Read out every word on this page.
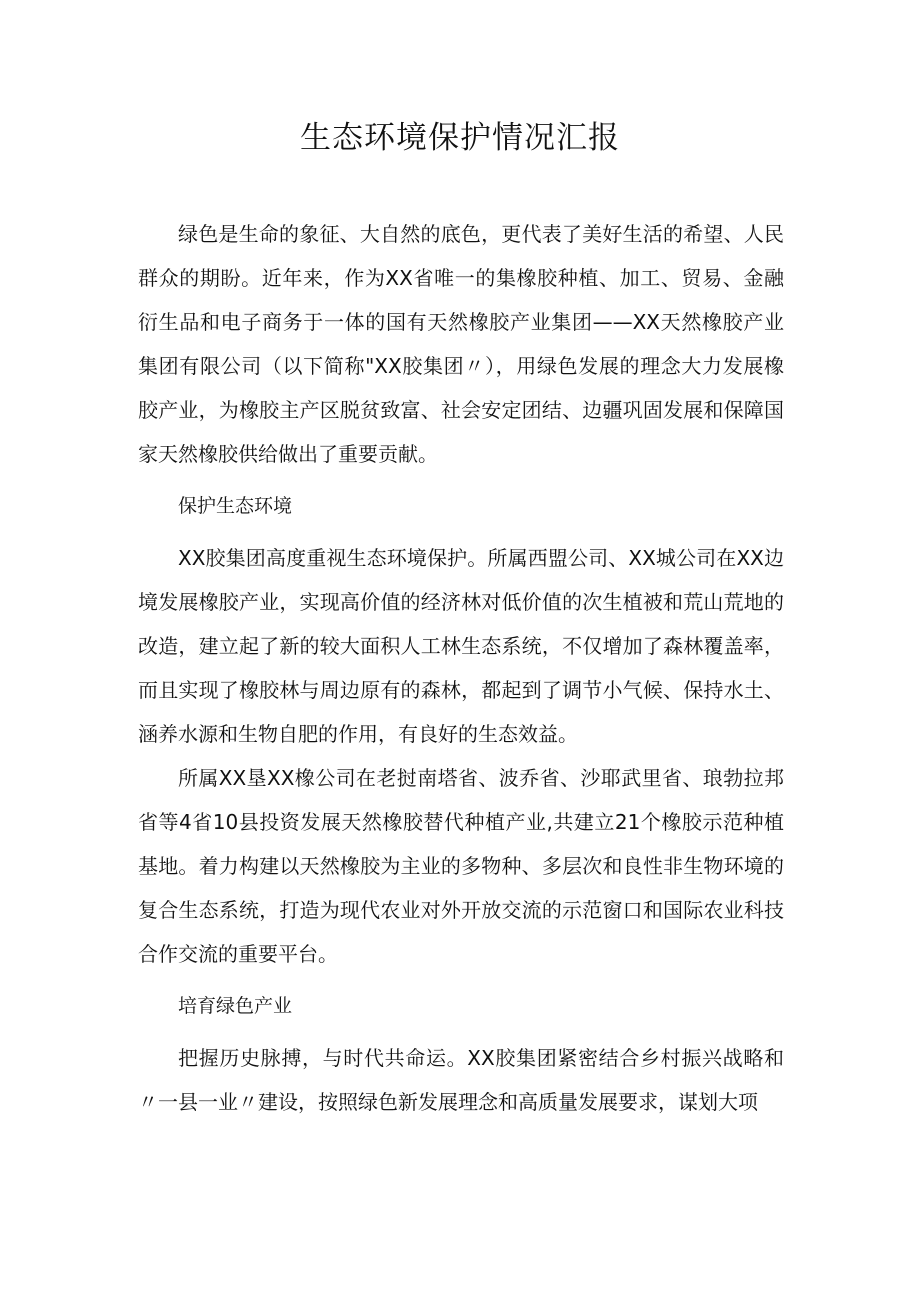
生态环境保护情况汇报

绿色是生命的象征、大自然的底色，更代表了美好生活的希望、人民群众的期盼。近年来，作为XX省唯一的集橡胶种植、加工、贸易、金融衍生品和电子商务于一体的国有天然橡胶产业集团——XX天然橡胶产业集团有限公司（以下简称"XX胶集团〃），用绿色发展的理念大力发展橡胶产业，为橡胶主产区脱贫致富、社会安定团结、边疆巩固发展和保障国家天然橡胶供给做出了重要贡献。

保护生态环境

XX胶集团高度重视生态环境保护。所属西盟公司、XX城公司在XX边境发展橡胶产业，实现高价值的经济林对低价值的次生植被和荒山荒地的改造，建立起了新的较大面积人工林生态系统，不仅增加了森林覆盖率，而且实现了橡胶林与周边原有的森林，都起到了调节小气候、保持水土、涵养水源和生物自肥的作用，有良好的生态效益。

所属XX垦XX橡公司在老挝南塔省、波乔省、沙耶武里省、琅勃拉邦省等4省10县投资发展天然橡胶替代种植产业,共建立21个橡胶示范种植基地。着力构建以天然橡胶为主业的多物种、多层次和良性非生物环境的复合生态系统，打造为现代农业对外开放交流的示范窗口和国际农业科技合作交流的重要平台。

培育绿色产业

把握历史脉搏，与时代共命运。XX胶集团紧密结合乡村振兴战略和〃一县一业〃建设，按照绿色新发展理念和高质量发展要求，谋划大项
